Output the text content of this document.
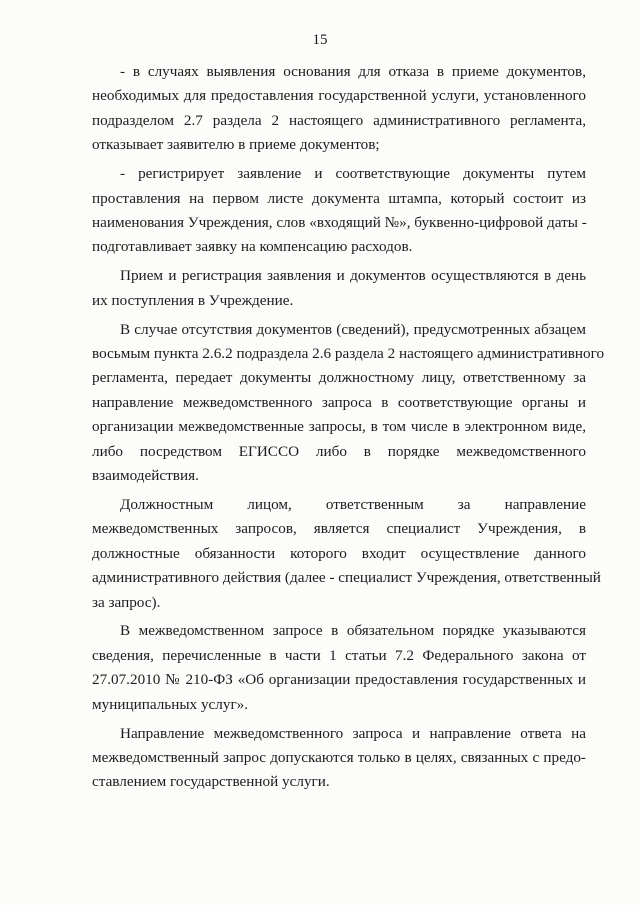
15
- в случаях выявления основания для отказа в приеме документов,
необходимых для предоставления государственной услуги, установленного
подразделом 2.7 раздела 2 настоящего административного регламента,
отказывает заявителю в приеме документов;
- регистрирует заявление и соответствующие документы путем
проставления на первом листе документа штампа, который состоит из
наименования Учреждения, слов «входящий №», буквенно-цифровой даты -
подготавливает заявку на компенсацию расходов.
Прием и регистрация заявления и документов осуществляются в день
их поступления в Учреждение.
В случае отсутствия документов (сведений), предусмотренных абзацем
восьмым пункта 2.6.2 подраздела 2.6 раздела 2 настоящего административного
регламента, передает документы должностному лицу, ответственному за
направление межведомственного запроса в соответствующие органы и
организации межведомственные запросы, в том числе в электронном виде,
либо посредством ЕГИССО либо в порядке межведомственного
взаимодействия.
Должностным лицом, ответственным за направление
межведомственных запросов, является специалист Учреждения, в
должностные обязанности которого входит осуществление данного
административного действия (далее - специалист Учреждения, ответственный
за запрос).
В межведомственном запросе в обязательном порядке указываются
сведения, перечисленные в части 1 статьи 7.2 Федерального закона от
27.07.2010 № 210-ФЗ «Об организации предоставления государственных и
муниципальных услуг».
Направление межведомственного запроса и направление ответа на
межведомственный запрос допускаются только в целях, связанных с предо-
ставлением государственной услуги.
